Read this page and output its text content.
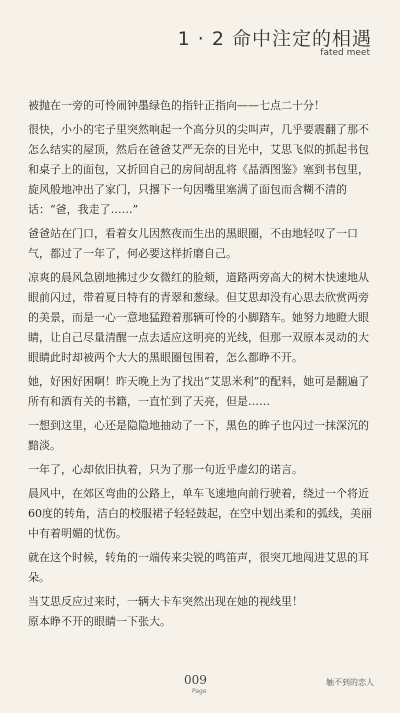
1 · 2 命中注定的相遇
fated meet

被抛在一旁的可怜闹钟墨绿色的指针正指向——七点二十分！

很快，小小的宅子里突然响起一个高分贝的尖叫声，几乎要震翻了那不怎么结实的屋顶，然后在爸爸艾严无奈的目光中，艾思飞似的抓起书包和桌子上的面包，又折回自己的房间胡乱将《晶酒图鉴》塞到书包里，旋风般地冲出了家门，只撂下一句因嘴里塞满了面包而含糊不清的话：“爸，我走了……”

爸爸站在门口，看着女儿因熬夜而生出的黑眼圈，不由地轻叹了一口气，都过了一年了，何必要这样折磨自己。

凉爽的晨风急剧地拂过少女微红的脸颊，道路两旁高大的树木快速地从眼前闪过，带着夏日特有的青翠和葱绿。但艾思却没有心思去欣赏两旁的美景，而是一心一意地猛蹬着那辆可怜的小脚踏车。她努力地瞪大眼睛，让自己尽量清醒一点去适应这明亮的光线，但那一双原本灵动的大眼睛此时却被两个大大的黑眼圈包围着，怎么都睁不开。

她，好困好困啊！昨天晚上为了找出“艾思米利”的配料，她可是翻遍了所有和酒有关的书籍，一直忙到了天亮，但是……

一想到这里，心还是隐隐地抽动了一下，黑色的眸子也闪过一抹深沉的黯淡。

一年了，心却依旧执着，只为了那一句近乎虚幻的诺言。

晨风中，在郊区弯曲的公路上，单车飞速地向前行驶着，绕过一个将近60度的转角，洁白的校服裙子轻轻鼓起，在空中划出柔和的弧线，美丽中有着明媚的忧伤。

就在这个时候，转角的一端传来尖锐的鸣笛声，很突兀地闯进艾思的耳朵。

当艾思反应过来时，一辆大卡车突然出现在她的视线里！

原本睁不开的眼睛一下张大。

009
Page
触不到的恋人
